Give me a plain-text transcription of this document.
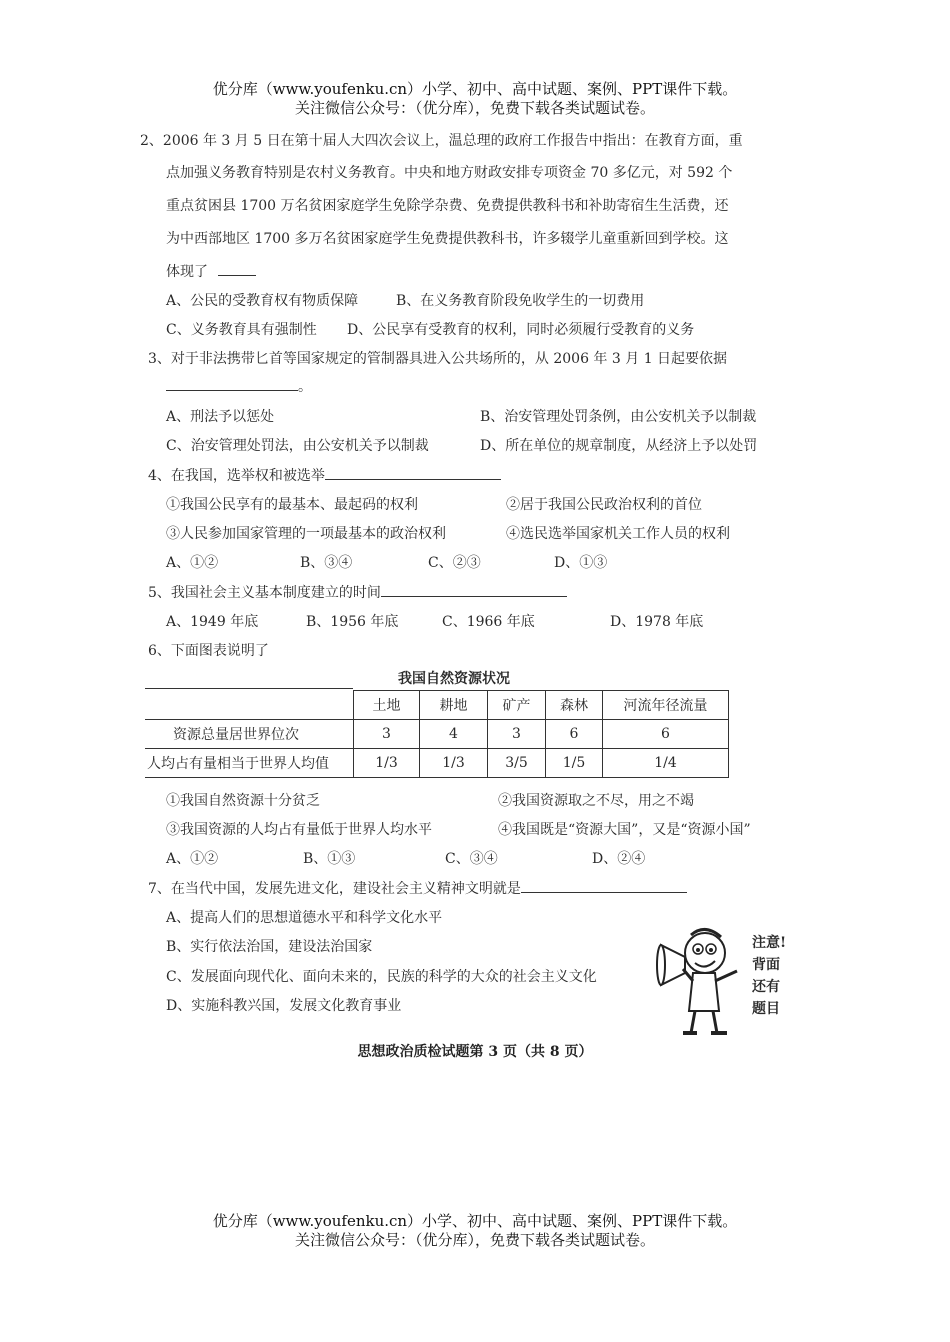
优分库（www.youfenku.cn）小学、初中、高中试题、案例、PPT课件下载。
关注微信公众号：（优分库），免费下载各类试题试卷。
2、2006 年 3 月 5 日在第十届人大四次会议上，温总理的政府工作报告中指出：在教育方面，重
点加强义务教育特别是农村义务教育。中央和地方财政安排专项资金 70 多亿元，对 592 个
重点贫困县 1700 万名贫困家庭学生免除学杂费、免费提供教科书和补助寄宿生生活费，还
为中西部地区 1700 多万名贫困家庭学生免费提供教科书，许多辍学儿童重新回到学校。这
体现了
A、公民的受教育权有物质保障	B、在义务教育阶段免收学生的一切费用
C、义务教育具有强制性 D、公民享有受教育的权利，同时必须履行受教育的义务
3、对于非法携带匕首等国家规定的管制器具进入公共场所的，从 2006 年 3 月 1 日起要依据
。
A、刑法予以惩处	B、治安管理处罚条例，由公安机关予以制裁
C、治安管理处罚法，由公安机关予以制裁	D、所在单位的规章制度，从经济上予以处罚
4、在我国，选举权和被选举
①我国公民享有的最基本、最起码的权利	②居于我国公民政治权利的首位
③人民参加国家管理的一项最基本的政治权利	④选民选举国家机关工作人员的权利
A、①②	B、③④	C、②③	D、①③
5、我国社会主义基本制度建立的时间
A、1949 年底	B、1956 年底	C、1966 年底	D、1978 年底
6、下面图表说明了
我国自然资源状况
	土地	耕地	矿产	森林	河流年径流量
资源总量居世界位次	3	4	3	6	6
人均占有量相当于世界人均值	1/3	1/3	3/5	1/5	1/4
①我国自然资源十分贫乏	②我国资源取之不尽，用之不竭
③我国资源的人均占有量低于世界人均水平	④我国既是“资源大国”，又是“资源小国”
A、①②	B、①③	C、③④	D、②④
7、在当代中国，发展先进文化，建设社会主义精神文明就是
A、提高人们的思想道德水平和科学文化水平
B、实行依法治国，建设法治国家
C、发展面向现代化、面向未来的，民族的科学的大众的社会主义文化
D、实施科教兴国，发展文化教育事业
注意!
背面
还有
题目
思想政治质检试题第 3 页（共 8 页）
优分库（www.youfenku.cn）小学、初中、高中试题、案例、PPT课件下载。
关注微信公众号：（优分库），免费下载各类试题试卷。
